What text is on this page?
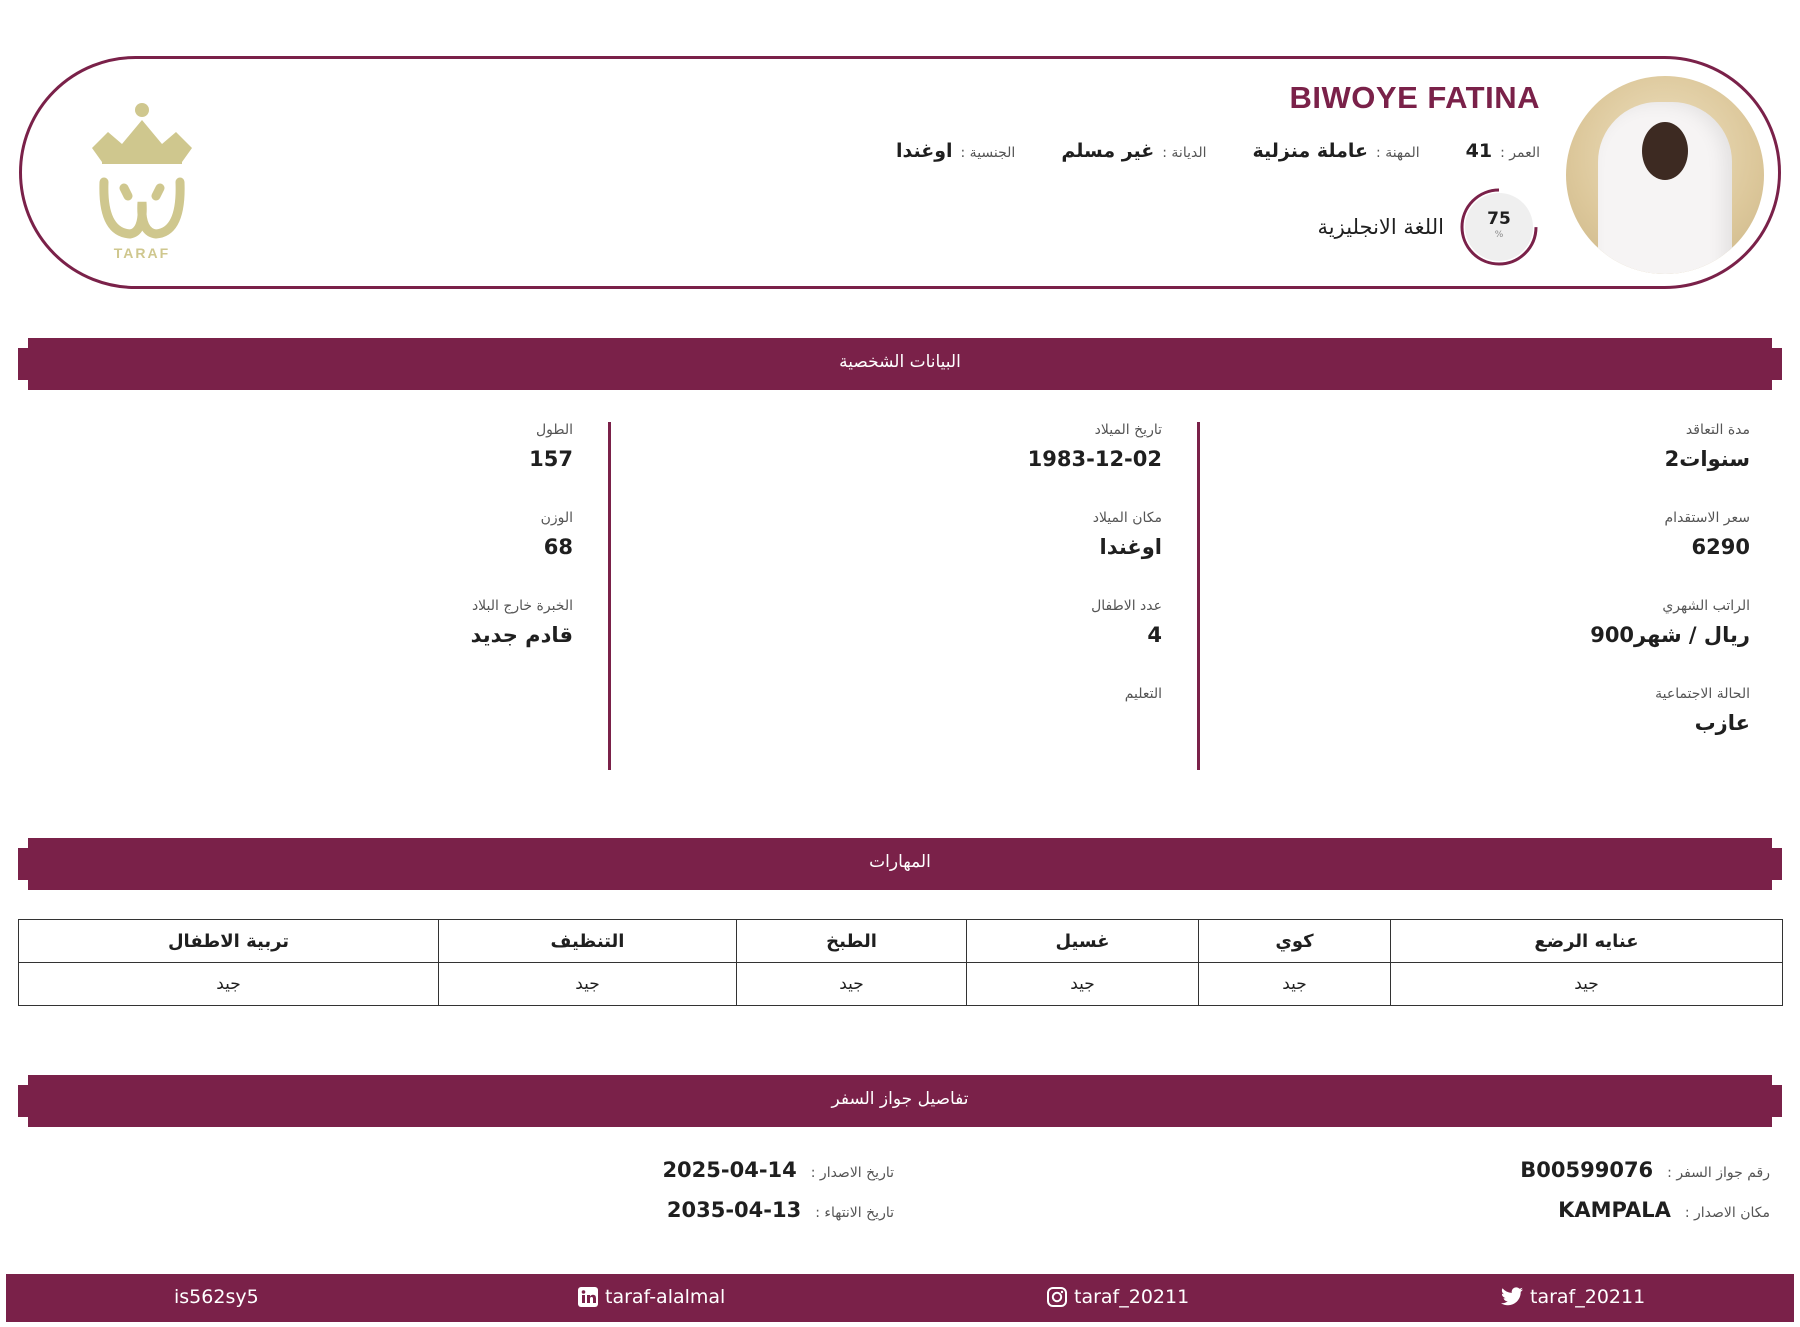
TARAF
BIWOYE FATINA
الجنسية :
اوغندا	الديانة :
غير مسلم	المهنة :
عاملة منزلية	العمر :
41
75
%
اللغة الانجليزية
البيانات الشخصية
تاريخ الميلاد
1983-12-02
مكان الميلاد
اوغندا
عدد الاطفال
4
التعليم
الطول
157
الوزن
68
الخبرة خارج البلاد
قادم جديد
مدة التعاقد
2سنوات
سعر الاستقدام
6290
الراتب الشهري
900ريال / شهر
الحالة الاجتماعية
عازب
المهارات
عنايه الرضع	كوي	غسيل	الطبخ	التنظيف	تربية الاطفال
جيد	جيد	جيد	جيد	جيد	جيد
تفاصيل جواز السفر
رقم جواز السفر :
B00599076
مكان الاصدار :
KAMPALA
تاريخ الاصدار :
2025-04-14
تاريخ الانتهاء :
2035-04-13
is562sy5	taraf-alalmal	taraf_20211	taraf_20211
